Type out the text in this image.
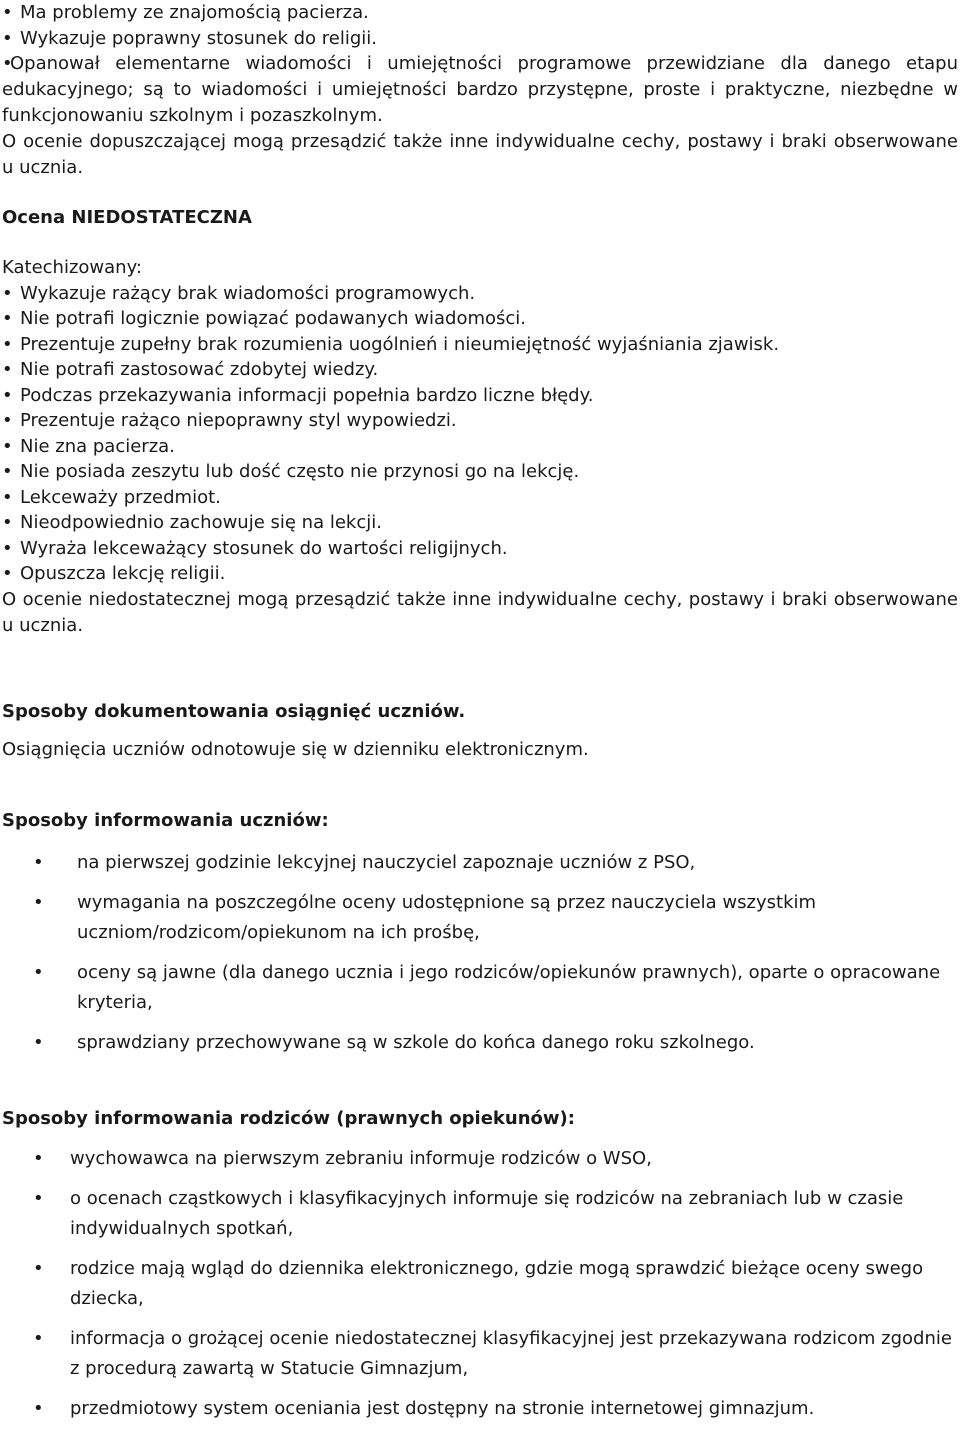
• Ma problemy ze znajomością pacierza.

• Wykazuje poprawny stosunek do religii.

•Opanował elementarne wiadomości i umiejętności programowe przewidziane dla danego etapu edukacyjnego; są to wiadomości i umiejętności bardzo przystępne, proste i praktyczne, niezbędne w funkcjonowaniu szkolnym i pozaszkolnym.

O ocenie dopuszczającej mogą przesądzić także inne indywidualne cechy, postawy i braki obserwowane u ucznia.

Ocena NIEDOSTATECZNA

Katechizowany:

• Wykazuje rażący brak wiadomości programowych.

• Nie potrafi logicznie powiązać podawanych wiadomości.

• Prezentuje zupełny brak rozumienia uogólnień i nieumiejętność wyjaśniania zjawisk.

• Nie potrafi zastosować zdobytej wiedzy.

• Podczas przekazywania informacji popełnia bardzo liczne błędy.

• Prezentuje rażąco niepoprawny styl wypowiedzi.

• Nie zna pacierza.

• Nie posiada zeszytu lub dość często nie przynosi go na lekcję.

• Lekceważy przedmiot.

• Nieodpowiednio zachowuje się na lekcji.

• Wyraża lekceważący stosunek do wartości religijnych.

• Opuszcza lekcję religii.

O ocenie niedostatecznej mogą przesądzić także inne indywidualne cechy, postawy i braki obserwowane u ucznia.

Sposoby dokumentowania osiągnięć uczniów.

Osiągnięcia uczniów odnotowuje się w dzienniku elektronicznym.

Sposoby informowania uczniów:

• na pierwszej godzinie lekcyjnej nauczyciel zapoznaje uczniów z PSO,
• wymagania na poszczególne oceny udostępnione są przez nauczyciela wszystkim uczniom/rodzicom/opiekunom na ich prośbę,
• oceny są jawne (dla danego ucznia i jego rodziców/opiekunów prawnych), oparte o opracowane kryteria,
• sprawdziany przechowywane są w szkole do końca danego roku szkolnego.

Sposoby informowania rodziców (prawnych opiekunów):

• wychowawca na pierwszym zebraniu informuje rodziców o WSO,
• o ocenach cząstkowych i klasyfikacyjnych informuje się rodziców na zebraniach lub w czasie indywidualnych spotkań,
• rodzice mają wgląd do dziennika elektronicznego, gdzie mogą sprawdzić bieżące oceny swego dziecka,
• informacja o grożącej ocenie niedostatecznej klasyfikacyjnej jest przekazywana rodzicom zgodnie z procedurą zawartą w Statucie Gimnazjum,
• przedmiotowy system oceniania jest dostępny na stronie internetowej gimnazjum.
